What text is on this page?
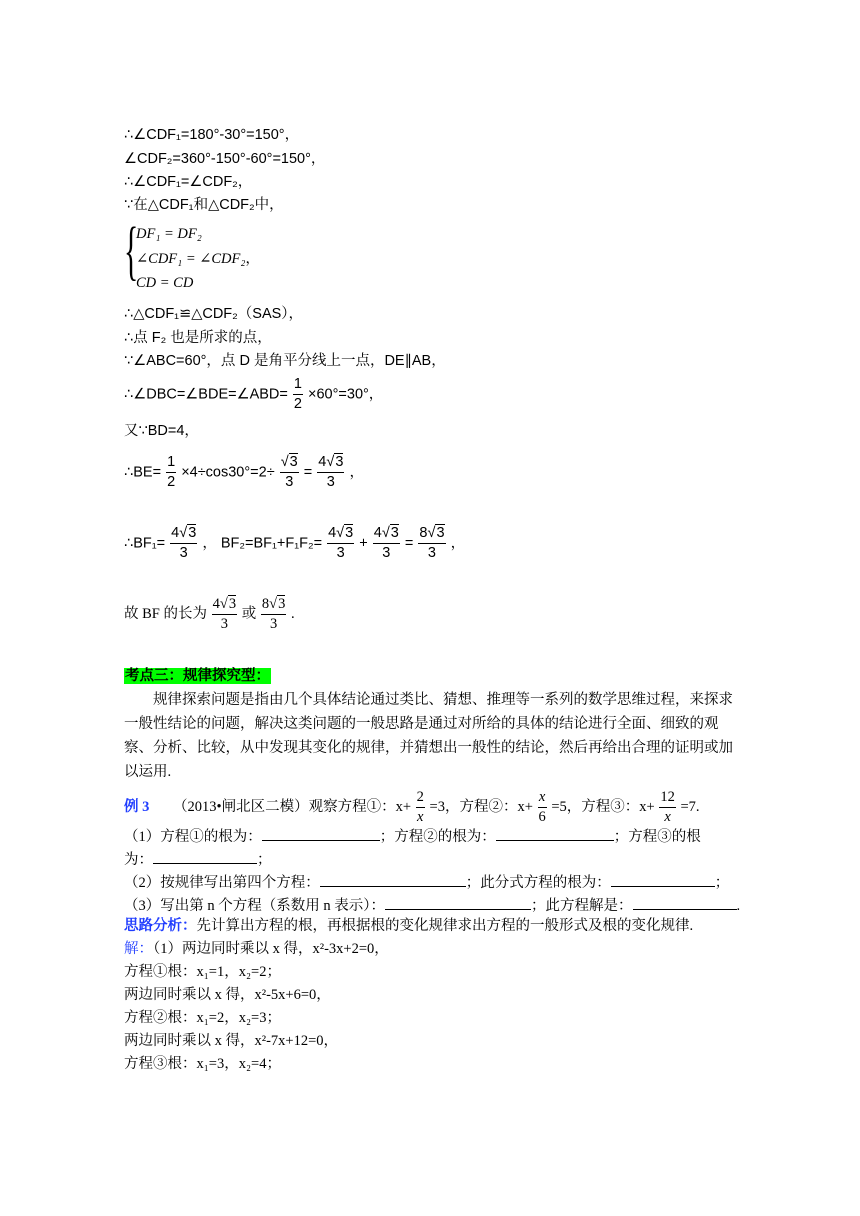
∴∠CDF₁=180°-30°=150°，
∠CDF₂=360°-150°-60°=150°，
∴∠CDF₁=∠CDF₂，
∵在△CDF₁和△CDF₂中，
{
DF₁ = DF₂
∠CDF₁ = ∠CDF₂，
CD = CD
∴△CDF₁≌△CDF₂（SAS），
∴点 F₂ 也是所求的点，
∵∠ABC=60°，点 D 是角平分线上一点，DE∥AB，
∴∠DBC=∠BDE=∠ABD= $\frac{1}{2} \times 60^\circ=30^\circ$，
又∵BD=4，
∴BE= $\frac{1}{2} \times 4\div\cos 30^\circ=2\div \frac{√3}{3} = \frac{4√3}{3}$ ，
∴BF₁= $\frac{4√3}{3}$ ， $BF_2=BF_1+F_1F_2= \frac{4√3}{3} + \frac{4√3}{3} = \frac{8√3}{3}$ ，
故 BF 的长为 $\frac{4√3}{3}$ 或 $\frac{8√3}{3}$ .
考点三：规律探究型：
规律探索问题是指由几个具体结论通过类比、猜想、推理等一系列的数学思维过程，来探求一般性结论的问题，解决这类问题的一般思路是通过对所给的具体的结论进行全面、细致的观察、分析、比较，从中发现其变化的规律，并猜想出一般性的结论，然后再给出合理的证明或加以运用.
例 3 （2013•闸北区二模）观察方程①：$x+ \frac{2}{x} =3$，方程②：$x+ \frac{x}{6} =5$，方程③：$x+ \frac{12}{x} =7$.
（1）方程①的根为：	；方程②的根为：	；方程③的根
为：	；
（2）按规律写出第四个方程：	；此分式方程的根为：	；
（3）写出第 n 个方程（系数用 n 表示）：	；此方程解是：	.
思路分析：先计算出方程的根，再根据根的变化规律求出方程的一般形式及根的变化规律.
解：（1）两边同时乘以 x 得，x²-3x+2=0，
方程①根：x₁=1，x₂=2；
两边同时乘以 x 得，x²-5x+6=0，
方程②根：x₁=2，x₂=3；
两边同时乘以 x 得，x²-7x+12=0，
方程③根：x₁=3，x₂=4；
